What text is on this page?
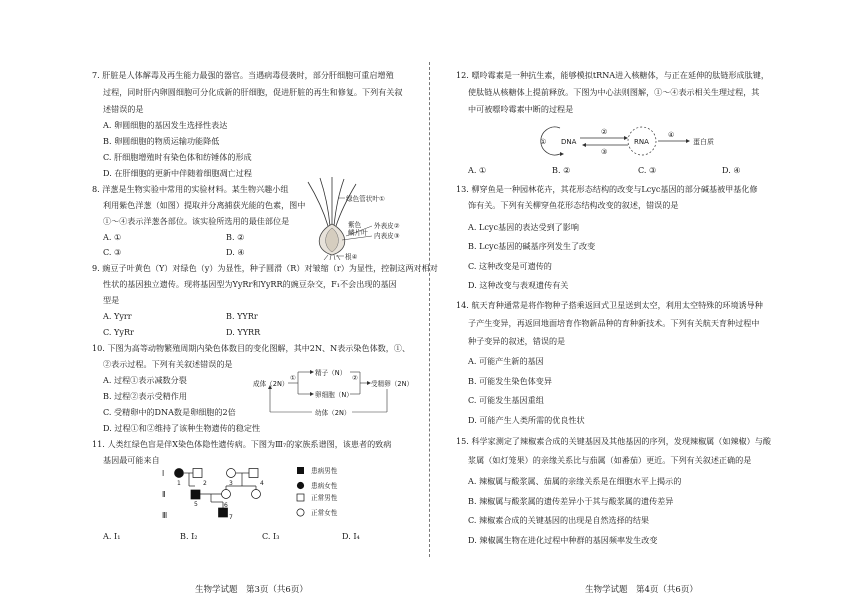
7. 肝脏是人体解毒及再生能力最强的器官。当遇病毒侵袭时，部分肝细胞可重启增殖
过程，同时肝内卵圆细胞可分化成新的肝细胞，促进肝脏的再生和修复。下列有关叙
述错误的是
A. 卵圆细胞的基因发生选择性表达
B. 卵圆细胞的物质运输功能降低
C. 肝细胞增殖时有染色体和纺锤体的形成
D. 在肝细胞的更新中伴随着细胞凋亡过程
8. 洋葱是生物实验中常用的实验材料。某生物兴趣小组
利用紫色洋葱（如图）提取并分离捕获光能的色素，图中
①～④表示洋葱各部位。该实验所选用的最佳部位是
A. ①	B. ②
C. ③	D. ④
绿色管状叶①
紫色
鳞片叶
外表皮②
内表皮③
根④
9. 豌豆子叶黄色（Y）对绿色（y）为显性，种子圆滑（R）对皱缩（r）为显性，控制这两对相对
性状的基因独立遗传。现将基因型为YyRr和YyRR的豌豆杂交，F₁不会出现的基因
型是
A. Yyrr	B. YYRr
C. YyRr	D. YYRR
10. 下图为高等动物繁殖周期内染色体数目的变化图解，其中2N、N表示染色体数，①、
②表示过程。下列有关叙述错误的是
A. 过程①表示减数分裂
B. 过程②表示受精作用
C. 受精卵中的DNA数是卵细胞的2倍
D. 过程①和②维持了该种生物遗传的稳定性
成体（2N）
精子（N）
卵细胞（N）
受精卵（2N）
幼体（2N）
①	②
11. 人类红绿色盲是伴X染色体隐性遗传病。下图为Ⅲ₇的家族系谱图，该患者的致病
基因最可能来自
Ⅰ
Ⅱ
Ⅲ
1	2	3	4
5	6
7
患病男性
患病女性
正常男性
正常女性
A. Ⅰ₁	B. Ⅰ₂	C. Ⅰ₃	D. Ⅰ₄
生物学试题　第3页（共6页）
12. 嘌呤霉素是一种抗生素，能够模拟tRNA进入核糖体，与正在延伸的肽链形成肽键，
使肽链从核糖体上提前释放。下图为中心法则图解，①～④表示相关生理过程，其
中可被嘌呤霉素中断的过程是
DNA
①
②
③
RNA
④
蛋白质
A. ①	B. ②	C. ③	D. ④
13. 柳穿鱼是一种园林花卉，其花形态结构的改变与Lcyc基因的部分碱基被甲基化修
饰有关。下列有关柳穿鱼花形态结构改变的叙述，错误的是
A. Lcyc基因的表达受到了影响
B. Lcyc基因的碱基序列发生了改变
C. 这种改变是可遗传的
D. 这种改变与表观遗传有关
14. 航天育种通常是将作物种子搭乘返回式卫星送到太空，利用太空特殊的环境诱导种
子产生变异，再返回地面培育作物新品种的育种新技术。下列有关航天育种过程中
种子变异的叙述，错误的是
A. 可能产生新的基因
B. 可能发生染色体变异
C. 可能发生基因重组
D. 可能产生人类所需的优良性状
15. 科学家测定了辣椒素合成的关键基因及其他基因的序列，发现辣椒属（如辣椒）与酸
浆属（如灯笼果）的亲缘关系比与茄属（如番茄）更近。下列有关叙述正确的是
A. 辣椒属与酸浆属、茄属的亲缘关系是在细胞水平上揭示的
B. 辣椒属与酸浆属的遗传差异小于其与酸浆属的遗传差异
C. 辣椒素合成的关键基因的出现是自然选择的结果
D. 辣椒属生物在进化过程中种群的基因频率发生改变
生物学试题　第4页（共6页）
